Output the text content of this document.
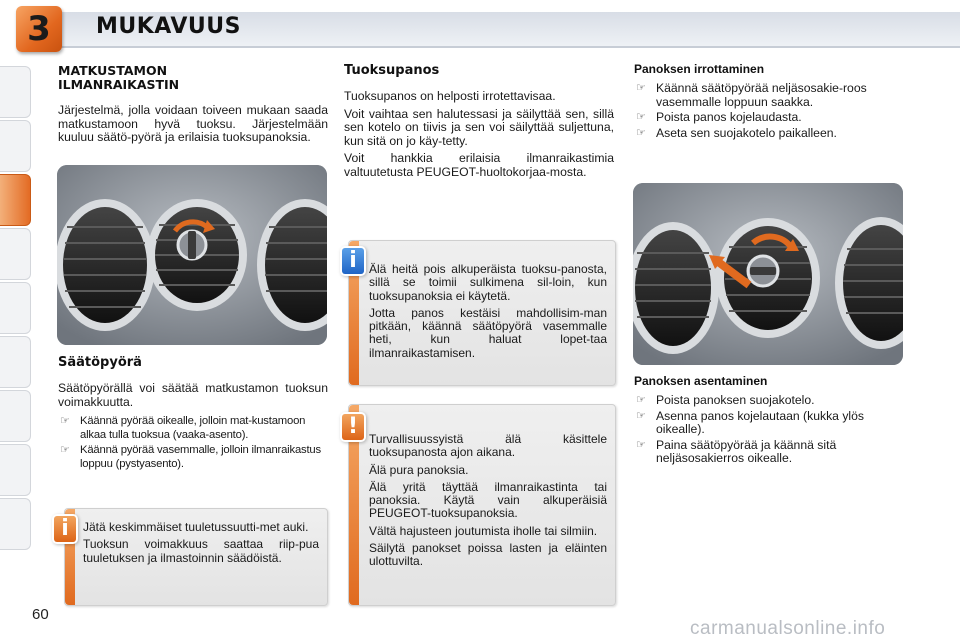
3 MUKAVUUS
MATKUSTAMON
ILMANRAIKASTIN

Järjestelmä, jolla voidaan toiveen mukaan saada matkustamoon hyvä tuoksu. Järjestelmään kuuluu säätö-pyörä ja erilaisia tuoksupanoksia.

Säätöpyörä

Säätöpyörällä voi säätää matkustamon tuoksun voimakkuutta.

☞ Käännä pyörää oikealle, jolloin mat-kustamoon alkaa tulla tuoksua (vaaka-asento).
☞ Käännä pyörää vasemmalle, jolloin ilmanraikastus loppuu (pystyasento).

Jätä keskimmäiset tuuletussuutti-met auki.

Tuoksun voimakkuus saattaa riip-pua tuuletuksen ja ilmastoinnin säädöistä.

i
Tuoksupanos

Tuoksupanos on helposti irrotettavisaa.

Voit vaihtaa sen halutessasi ja säilyttää sen, sillä sen kotelo on tiivis ja sen voi säilyttää suljettuna, kun sitä on jo käy-tetty.

Voit hankkia erilaisia ilmanraikastimia valtuutetusta PEUGEOT-huoltokorjaa-mosta.

Älä heitä pois alkuperäista tuoksu-panosta, sillä se toimii sulkimena sil-loin, kun tuoksupanoksia ei käytetä.

Jotta panos kestäisi mahdollisim-man pitkään, käännä säätöpyörä vasemmalle heti, kun haluat lopet-taa ilmanraikastamisen.

i

Turvallisuussyistä älä käsittele tuoksupanosta ajon aikana.

Älä pura panoksia.

Älä yritä täyttää ilmanraikastinta tai panoksia. Käytä vain alkuperäisiä PEUGEOT-tuoksupanoksia.

Vältä hajusteen joutumista iholle tai silmiin.

Säilytä panokset poissa lasten ja eläinten ulottuvilta.

!
Panoksen irrottaminen
☞ Käännä säätöpyörää neljäsosakie-roos vasemmalle loppuun saakka.
☞ Poista panos kojelaudasta.
☞ Aseta sen suojakotelo paikalleen.
Panoksen asentaminen
☞ Poista panoksen suojakotelo.
☞ Asenna panos kojelautaan (kukka ylös oikealle).
☞ Paina säätöpyörää ja käännä sitä neljäsosakierros oikealle.
60
carmanualsonline.info
